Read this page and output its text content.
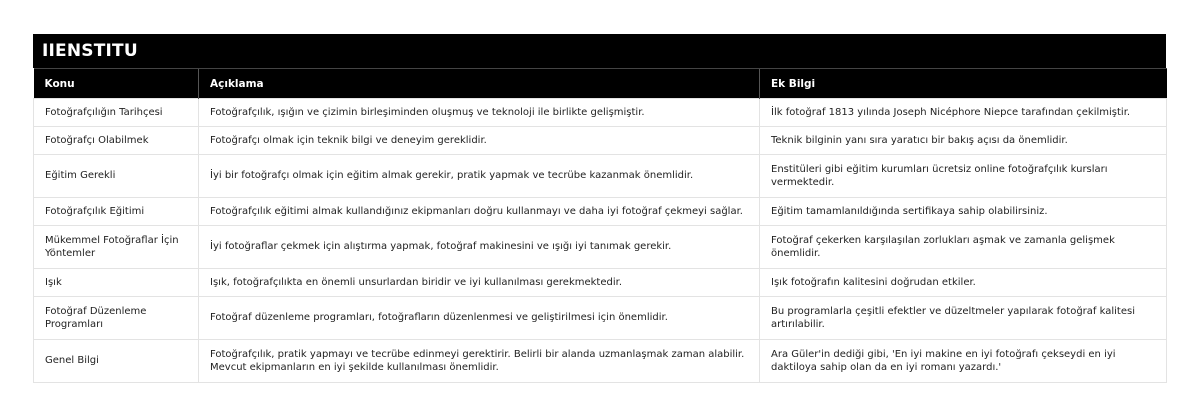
IIENSTITU
Konu	Açıklama	Ek Bilgi
Fotoğrafçılığın Tarihçesi	Fotoğrafçılık, ışığın ve çizimin birleşiminden oluşmuş ve teknoloji ile birlikte gelişmiştir.	İlk fotoğraf 1813 yılında Joseph Nicéphore Niepce tarafından çekilmiştir.
Fotoğrafçı Olabilmek	Fotoğrafçı olmak için teknik bilgi ve deneyim gereklidir.	Teknik bilginin yanı sıra yaratıcı bir bakış açısı da önemlidir.
Eğitim Gerekli	İyi bir fotoğrafçı olmak için eğitim almak gerekir, pratik yapmak ve tecrübe kazanmak önemlidir.	Enstitüleri gibi eğitim kurumları ücretsiz online fotoğrafçılık kursları vermektedir.
Fotoğrafçılık Eğitimi	Fotoğrafçılık eğitimi almak kullandığınız ekipmanları doğru kullanmayı ve daha iyi fotoğraf çekmeyi sağlar.	Eğitim tamamlanıldığında sertifikaya sahip olabilirsiniz.
Mükemmel Fotoğraflar İçin Yöntemler	İyi fotoğraflar çekmek için alıştırma yapmak, fotoğraf makinesini ve ışığı iyi tanımak gerekir.	Fotoğraf çekerken karşılaşılan zorlukları aşmak ve zamanla gelişmek önemlidir.
Işık	Işık, fotoğrafçılıkta en önemli unsurlardan biridir ve iyi kullanılması gerekmektedir.	Işık fotoğrafın kalitesini doğrudan etkiler.
Fotoğraf Düzenleme Programları	Fotoğraf düzenleme programları, fotoğrafların düzenlenmesi ve geliştirilmesi için önemlidir.	Bu programlarla çeşitli efektler ve düzeltmeler yapılarak fotoğraf kalitesi artırılabilir.
Genel Bilgi	Fotoğrafçılık, pratik yapmayı ve tecrübe edinmeyi gerektirir. Belirli bir alanda uzmanlaşmak zaman alabilir. Mevcut ekipmanların en iyi şekilde kullanılması önemlidir.	Ara Güler'in dediği gibi, 'En iyi makine en iyi fotoğrafı çekseydi en iyi daktiloya sahip olan da en iyi romanı yazardı.'
